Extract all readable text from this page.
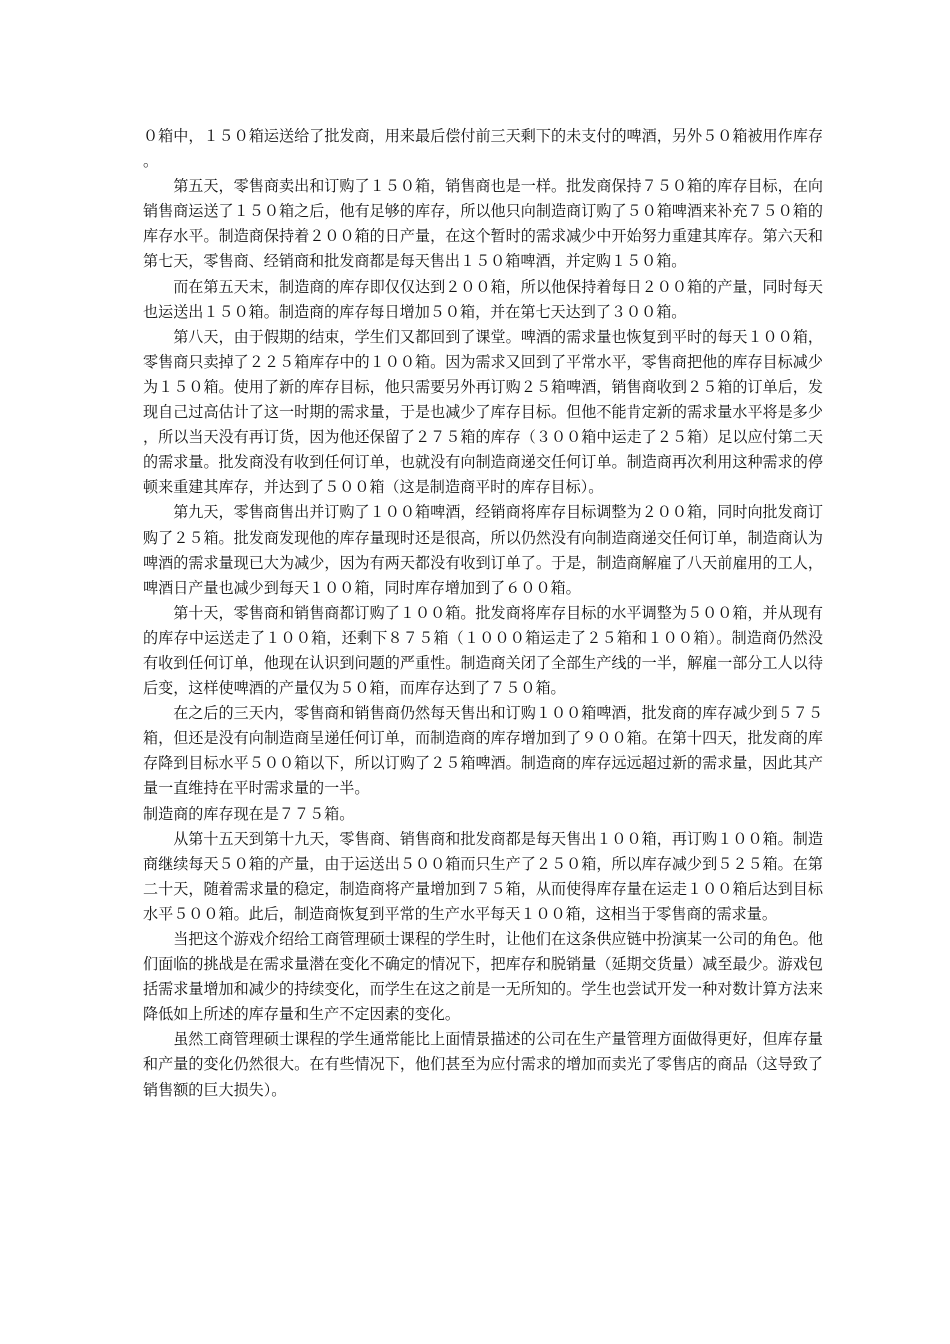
０箱中，１５０箱运送给了批发商，用来最后偿付前三天剩下的未支付的啤酒，另外５０箱被用作库存。

第五天，零售商卖出和订购了１５０箱，销售商也是一样。批发商保持７５０箱的库存目标，在向销售商运送了１５０箱之后，他有足够的库存，所以他只向制造商订购了５０箱啤酒来补充７５０箱的库存水平。制造商保持着２００箱的日产量，在这个暂时的需求减少中开始努力重建其库存。第六天和第七天，零售商、经销商和批发商都是每天售出１５０箱啤酒，并定购１５０箱。

而在第五天末，制造商的库存即仅仅达到２００箱，所以他保持着每日２００箱的产量，同时每天也运送出１５０箱。制造商的库存每日增加５０箱，并在第七天达到了３００箱。

第八天，由于假期的结束，学生们又都回到了课堂。啤酒的需求量也恢复到平时的每天１００箱，零售商只卖掉了２２５箱库存中的１００箱。因为需求又回到了平常水平，零售商把他的库存目标减少为１５０箱。使用了新的库存目标，他只需要另外再订购２５箱啤酒，销售商收到２５箱的订单后，发现自己过高估计了这一时期的需求量，于是也减少了库存目标。但他不能肯定新的需求量水平将是多少，所以当天没有再订货，因为他还保留了２７５箱的库存（３００箱中运走了２５箱）足以应付第二天的需求量。批发商没有收到任何订单，也就没有向制造商递交任何订单。制造商再次利用这种需求的停顿来重建其库存，并达到了５００箱（这是制造商平时的库存目标）。

第九天，零售商售出并订购了１００箱啤酒，经销商将库存目标调整为２００箱，同时向批发商订购了２５箱。批发商发现他的库存量现时还是很高，所以仍然没有向制造商递交任何订单，制造商认为啤酒的需求量现已大为减少，因为有两天都没有收到订单了。于是，制造商解雇了八天前雇用的工人，啤酒日产量也减少到每天１００箱，同时库存增加到了６００箱。

第十天，零售商和销售商都订购了１００箱。批发商将库存目标的水平调整为５００箱，并从现有的库存中运送走了１００箱，还剩下８７５箱（１０００箱运走了２５箱和１００箱）。制造商仍然没有收到任何订单，他现在认识到问题的严重性。制造商关闭了全部生产线的一半，解雇一部分工人以待后变，这样使啤酒的产量仅为５０箱，而库存达到了７５０箱。

在之后的三天内，零售商和销售商仍然每天售出和订购１００箱啤酒，批发商的库存减少到５７５箱，但还是没有向制造商呈递任何订单，而制造商的库存增加到了９００箱。在第十四天，批发商的库存降到目标水平５００箱以下，所以订购了２５箱啤酒。制造商的库存远远超过新的需求量，因此其产量一直维持在平时需求量的一半。

制造商的库存现在是７７５箱。

从第十五天到第十九天，零售商、销售商和批发商都是每天售出１００箱，再订购１００箱。制造商继续每天５０箱的产量，由于运送出５００箱而只生产了２５０箱，所以库存减少到５２５箱。在第二十天，随着需求量的稳定，制造商将产量增加到７５箱，从而使得库存量在运走１００箱后达到目标水平５００箱。此后，制造商恢复到平常的生产水平每天１００箱，这相当于零售商的需求量。

当把这个游戏介绍给工商管理硕士课程的学生时，让他们在这条供应链中扮演某一公司的角色。他们面临的挑战是在需求量潜在变化不确定的情况下，把库存和脱销量（延期交货量）减至最少。游戏包括需求量增加和减少的持续变化，而学生在这之前是一无所知的。学生也尝试开发一种对数计算方法来降低如上所述的库存量和生产不定因素的变化。

虽然工商管理硕士课程的学生通常能比上面情景描述的公司在生产量管理方面做得更好，但库存量和产量的变化仍然很大。在有些情况下，他们甚至为应付需求的增加而卖光了零售店的商品（这导致了销售额的巨大损失）。
